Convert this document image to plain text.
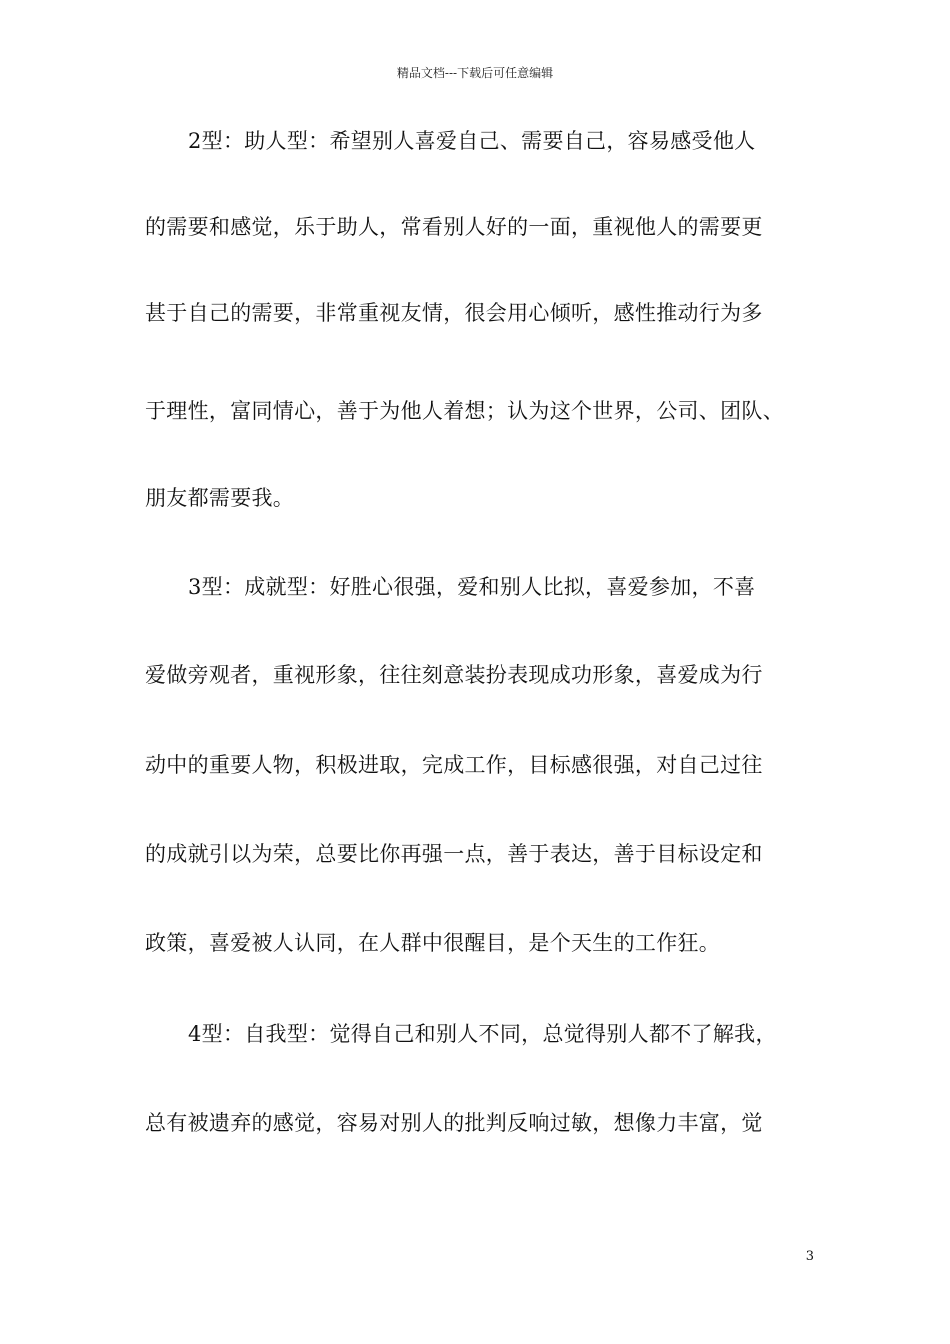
精品文档---下载后可任意编辑
2型：助人型：希望别人喜爱自己、需要自己，容易感受他人
的需要和感觉，乐于助人，常看别人好的一面，重视他人的需要更
甚于自己的需要，非常重视友情，很会用心倾听，感性推动行为多
于理性，富同情心，善于为他人着想；认为这个世界，公司、团队、
朋友都需要我。
3型：成就型：好胜心很强，爱和别人比拟，喜爱参加，不喜
爱做旁观者，重视形象，往往刻意装扮表现成功形象，喜爱成为行
动中的重要人物，积极进取，完成工作，目标感很强，对自己过往
的成就引以为荣，总要比你再强一点，善于表达，善于目标设定和
政策，喜爱被人认同，在人群中很醒目，是个天生的工作狂。
4型：自我型：觉得自己和别人不同，总觉得别人都不了解我，
总有被遗弃的感觉，容易对别人的批判反响过敏，想像力丰富，觉
3
